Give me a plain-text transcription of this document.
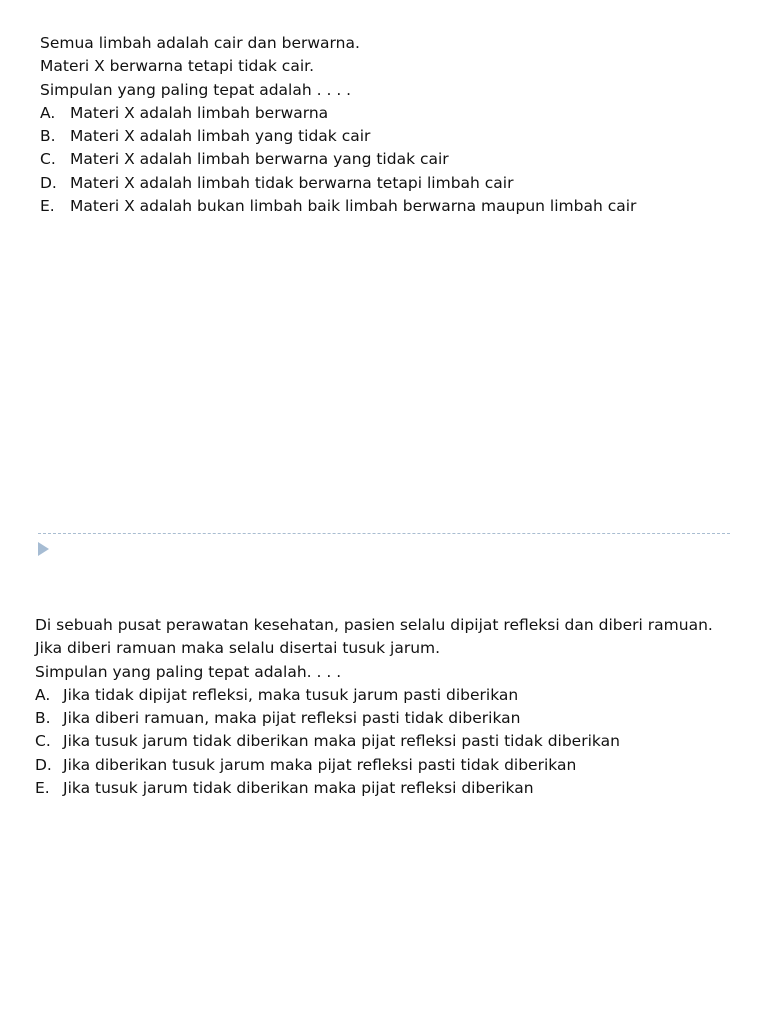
Semua limbah adalah cair dan berwarna.
Materi X berwarna tetapi tidak cair.
Simpulan yang paling tepat adalah . . . .
A. Materi X adalah limbah berwarna
B. Materi X adalah limbah yang tidak cair
C. Materi X adalah limbah berwarna yang tidak cair
D. Materi X adalah limbah tidak berwarna tetapi limbah cair
E. Materi X adalah bukan limbah baik limbah berwarna maupun limbah cair
Di sebuah pusat perawatan kesehatan, pasien selalu dipijat refleksi dan diberi ramuan.
Jika diberi ramuan maka selalu disertai tusuk jarum.
Simpulan yang paling tepat adalah. . . .
A. Jika tidak dipijat refleksi, maka tusuk jarum pasti diberikan
B. Jika diberi ramuan, maka pijat refleksi pasti tidak diberikan
C. Jika tusuk jarum tidak diberikan maka pijat refleksi pasti tidak diberikan
D. Jika diberikan tusuk jarum maka pijat refleksi pasti tidak diberikan
E. Jika tusuk jarum tidak diberikan maka pijat refleksi diberikan
